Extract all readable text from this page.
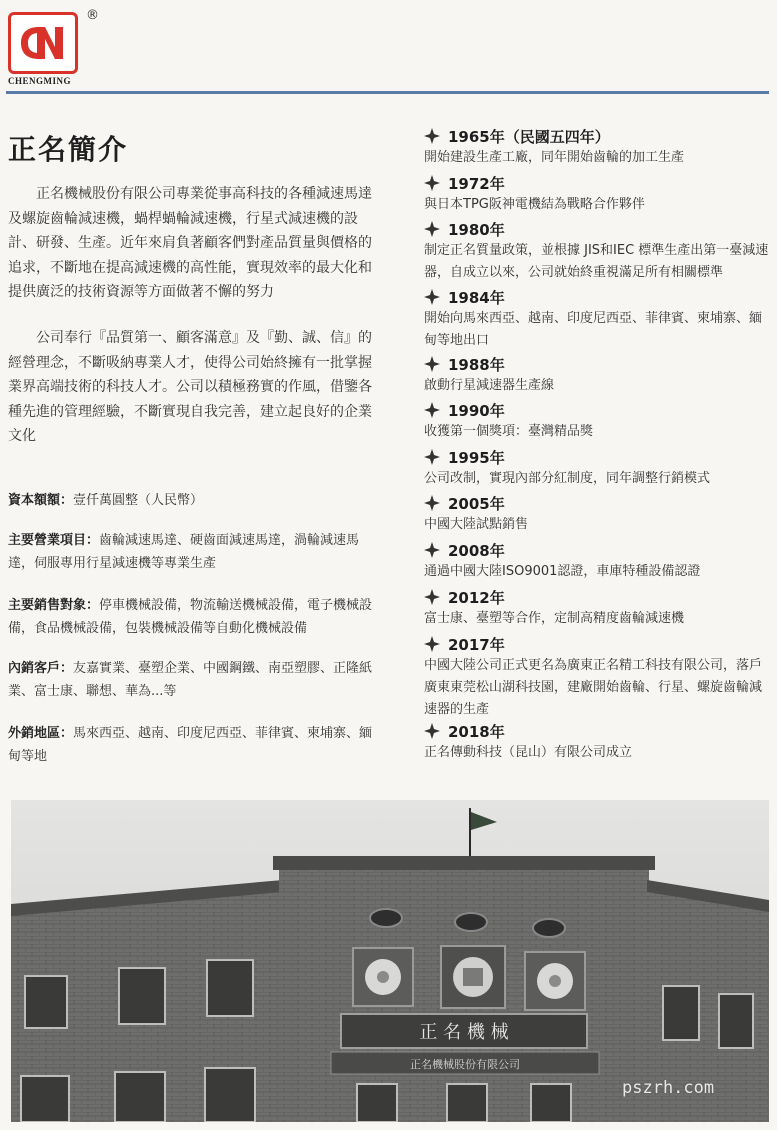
®
CHENGMING
正名簡介

正名機械股份有限公司專業從事高科技的各種減速馬達及螺旋齒輪減速機，蝸桿蝸輪減速機，行星式減速機的設計、研發、生產。近年來肩負著顧客們對產品質量與價格的追求，不斷地在提高減速機的高性能，實現效率的最大化和提供廣泛的技術資源等方面做著不懈的努力

公司奉行『品質第一、顧客滿意』及『勤、誠、信』的經營理念，不斷吸納專業人才，使得公司始終擁有一批掌握業界高端技術的科技人才。公司以積極務實的作風，借鑒各種先進的管理經驗，不斷實現自我完善，建立起良好的企業文化

資本額額：壹仟萬圓整（人民幣）

主要營業項目：齒輪減速馬達、硬齒面減速馬達，渦輪減速馬達，伺服專用行星減速機等專業生產

主要銷售對象：停車機械設備，物流輸送機械設備，電子機械設備，食品機械設備，包裝機械設備等自動化機械設備

內銷客戶：友嘉實業、臺塑企業、中國鋼鐵、南亞塑膠、正隆紙業、富士康、聯想、華為...等

外銷地區：馬來西亞、越南、印度尼西亞、菲律賓、柬埔寨、緬甸等地

1965年（民國五四年）
開始建設生產工廠，同年開始齒輪的加工生產
1972年
與日本TPG阪神電機結為戰略合作夥伴
1980年
制定正名質量政策，並根據 JIS和IEC 標準生產出第一臺減速器，自成立以來，公司就始終重視滿足所有相關標準
1984年
開始向馬來西亞、越南、印度尼西亞、菲律賓、柬埔寨、緬甸等地出口
1988年
啟動行星減速器生產線
1990年
收獲第一個獎項：臺灣精品獎
1995年
公司改制，實現內部分紅制度，同年調整行銷模式
2005年
中國大陸試點銷售
2008年
通過中國大陸ISO9001認證，車庫特種設備認證
2012年
富士康、臺塑等合作，定制高精度齒輪減速機
2017年
中國大陸公司正式更名為廣東正名精工科技有限公司，落戶廣東東莞松山湖科技園，建廠開始齒輪、行星、螺旋齒輪減速器的生產
2018年
正名傳動科技（昆山）有限公司成立
正 名 機 械
正名機械股份有限公司
pszrh.com
